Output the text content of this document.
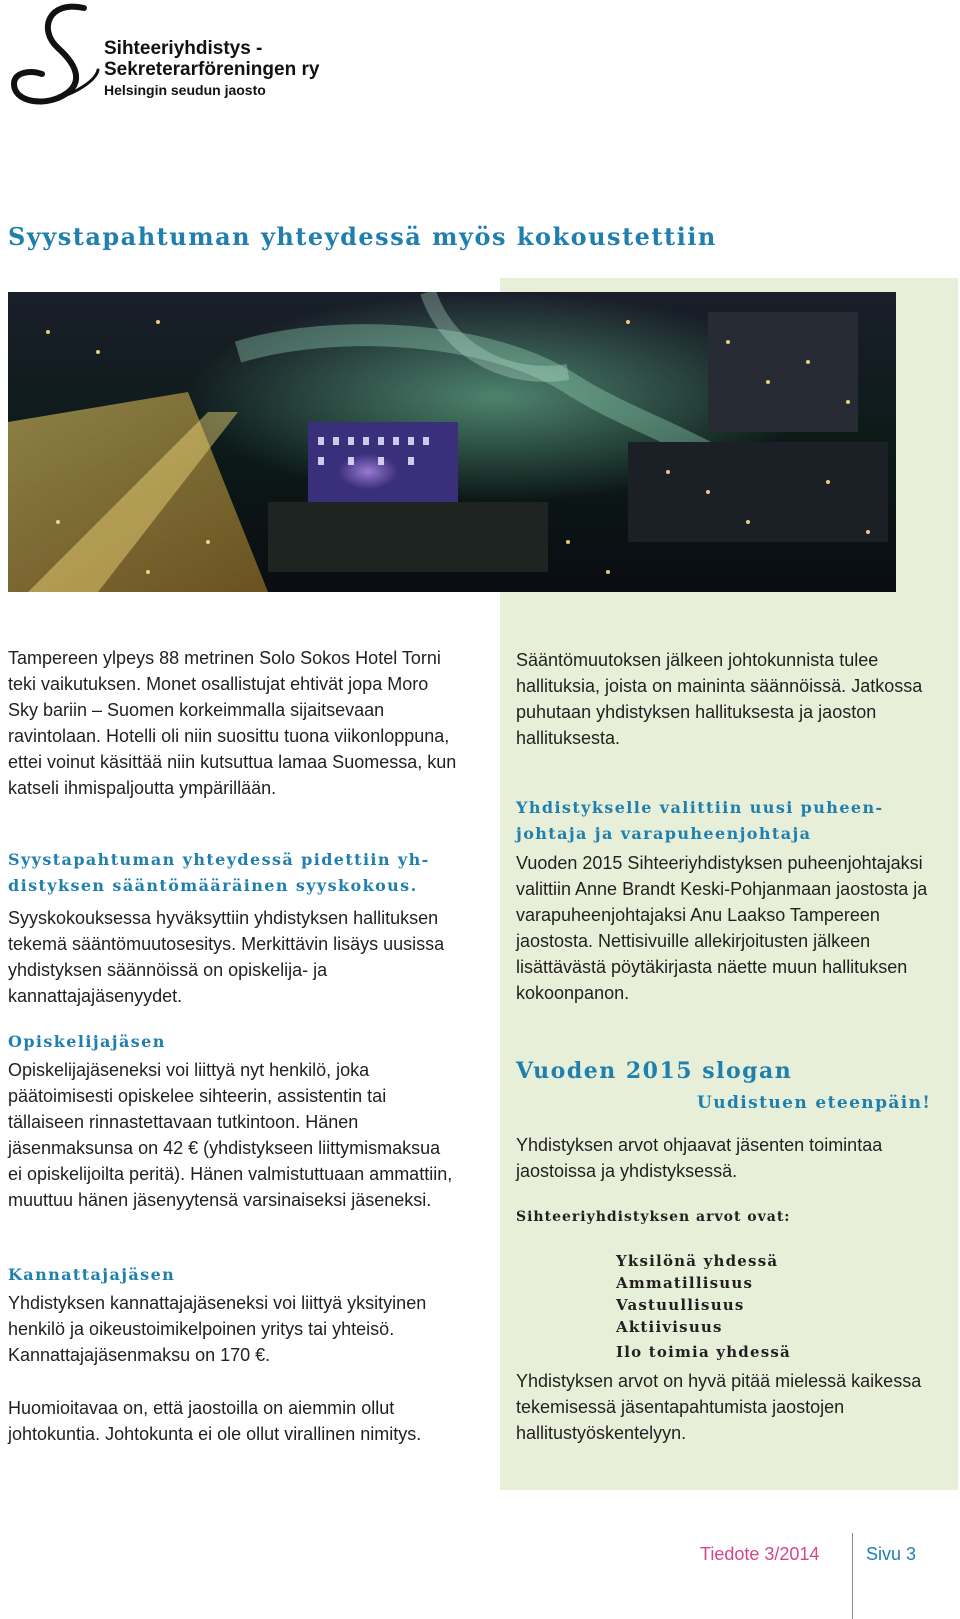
Sihteeriyhdistys -
Sekreterarföreningen ry
Helsingin seudun jaosto
Syystapahtuman yhteydessä myös kokoustettiin
Tampereen ylpeys 88 metrinen Solo Sokos Hotel Torni teki vaikutuksen. Monet osallistujat ehtivät jopa Moro Sky bariin – Suomen korkeimmalla sijaitsevaan ravintolaan. Hotelli oli niin suosittu tuona viikonloppuna, ettei voinut käsittää niin kutsuttua lamaa Suomessa, kun katseli ihmispaljoutta ympärillään.
Syystapahtuman yhteydessä pidettiin yhdistyksen sääntömääräinen syyskokous.
Syyskokouksessa hyväksyttiin yhdistyksen hallituksen tekemä sääntömuutosesitys. Merkittävin lisäys uusissa yhdistyksen säännöissä on opiskelija- ja kannattajajäsenyydet.
Opiskelijajäsen
Opiskelijajäseneksi voi liittyä nyt henkilö, joka päätoimisesti opiskelee sihteerin, assistentin tai tällaiseen rinnastettavaan tutkintoon. Hänen jäsenmaksunsa on 42 € (yhdistykseen liittymismaksua ei opiskelijoilta peritä). Hänen valmistuttuaan ammattiin, muuttuu hänen jäsenyytensä varsinaiseksi jäseneksi.
Kannattajajäsen
Yhdistyksen kannattajajäseneksi voi liittyä yksityinen henkilö ja oikeustoimikelpoinen yritys tai yhteisö. Kannattajajäsenmaksu on 170 €.
Huomioitavaa on, että jaostoilla on aiemmin ollut johtokuntia. Johtokunta ei ole ollut virallinen nimitys.
Sääntömuutoksen jälkeen johtokunnista tulee hallituksia, joista on maininta säännöissä. Jatkossa puhutaan yhdistyksen hallituksesta ja jaoston hallituksesta.
Yhdistykselle valittiin uusi puheenjohtaja ja varapuheenjohtaja
Vuoden 2015 Sihteeriyhdistyksen puheenjohtajaksi valittiin Anne Brandt Keski-Pohjanmaan jaostosta ja varapuheenjohtajaksi Anu Laakso Tampereen jaostosta. Nettisivuille allekirjoitusten jälkeen lisättävästä pöytäkirjasta näette muun hallituksen kokoonpanon.
Vuoden 2015 slogan
Uudistuen eteenpäin!
Yhdistyksen arvot ohjaavat jäsenten toimintaa jaostoissa ja yhdistyksessä.
Sihteeriyhdistyksen arvot ovat:
Yksilönä yhdessä
Ammatillisuus
Vastuullisuus
Aktiivisuus
Ilo toimia yhdessä
Yhdistyksen arvot on hyvä pitää mielessä kaikessa tekemisessä jäsentapahtumista jaostojen hallitustyöskentelyyn.
Tiedote 3/2014	Sivu 3
